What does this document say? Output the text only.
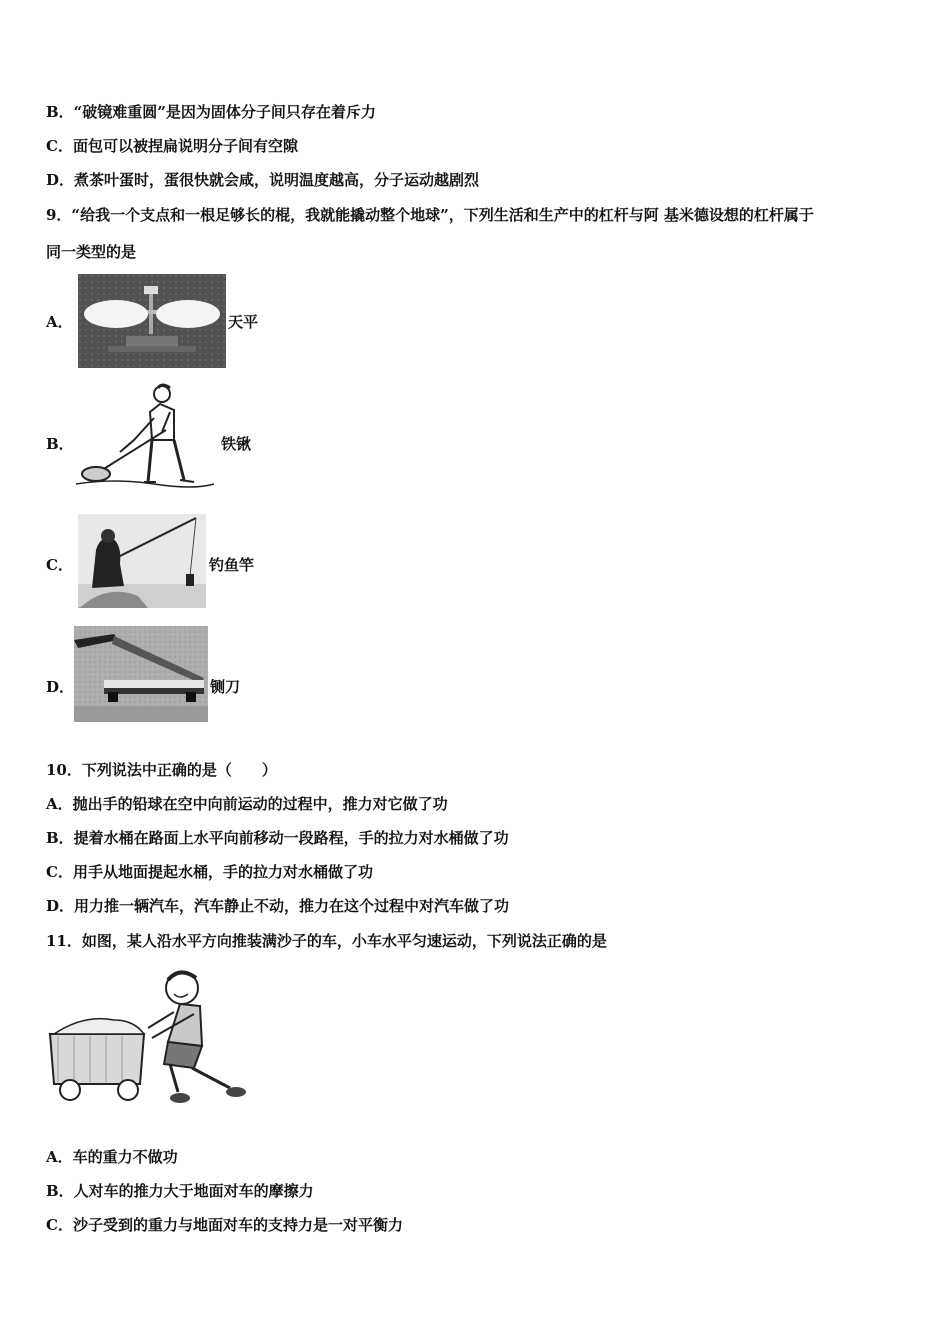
B．“破镜难重圆”是因为固体分子间只存在着斥力
C．面包可以被捏扁说明分子间有空隙
D．煮茶叶蛋时，蛋很快就会咸，说明温度越高，分子运动越剧烈
9．“给我一个支点和一根足够长的棍，我就能撬动整个地球”，下列生活和生产中的杠杆与阿 基米德设想的杠杆属于
同一类型的是
A．	天平
B．	铁锹
C．	钓鱼竿
D．	铡刀
10．下列说法中正确的是（　　）
A．抛出手的铅球在空中向前运动的过程中，推力对它做了功
B．提着水桶在路面上水平向前移动一段路程，手的拉力对水桶做了功
C．用手从地面提起水桶，手的拉力对水桶做了功
D．用力推一辆汽车，汽车静止不动，推力在这个过程中对汽车做了功
11．如图，某人沿水平方向推装满沙子的车，小车水平匀速运动，下列说法正确的是
A．车的重力不做功
B．人对车的推力大于地面对车的摩擦力
C．沙子受到的重力与地面对车的支持力是一对平衡力
